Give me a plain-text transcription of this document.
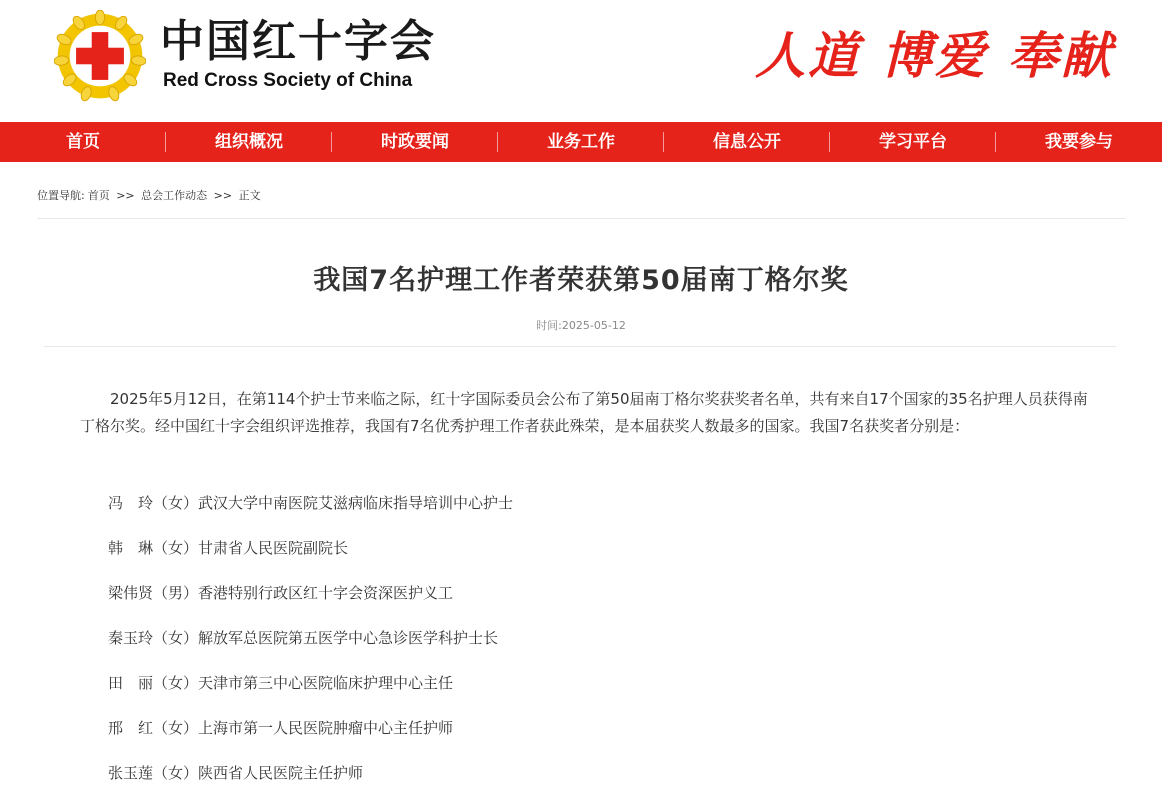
中国红十字会
Red Cross Society of China	人道 博爱 奉献
首页	组织概况	时政要闻	业务工作	信息公开	学习平台	我要参与
位置导航: 首页 >> 总会工作动态 >> 正文
我国7名护理工作者荣获第50届南丁格尔奖
时间:2025-05-12

2025年5月12日，在第114个护士节来临之际，红十字国际委员会公布了第50届南丁格尔奖获奖者名单，共有来自17个国家的35名护理人员获得南丁格尔奖。经中国红十字会组织评选推荐，我国有7名优秀护理工作者获此殊荣，是本届获奖人数最多的国家。我国7名获奖者分别是：

冯　玲（女）武汉大学中南医院艾滋病临床指导培训中心护士

韩　琳（女）甘肃省人民医院副院长

梁伟贤（男）香港特别行政区红十字会资深医护义工

秦玉玲（女）解放军总医院第五医学中心急诊医学科护士长

田　丽（女）天津市第三中心医院临床护理中心主任

邢　红（女）上海市第一人民医院肿瘤中心主任护师

张玉莲（女）陕西省人民医院主任护师
